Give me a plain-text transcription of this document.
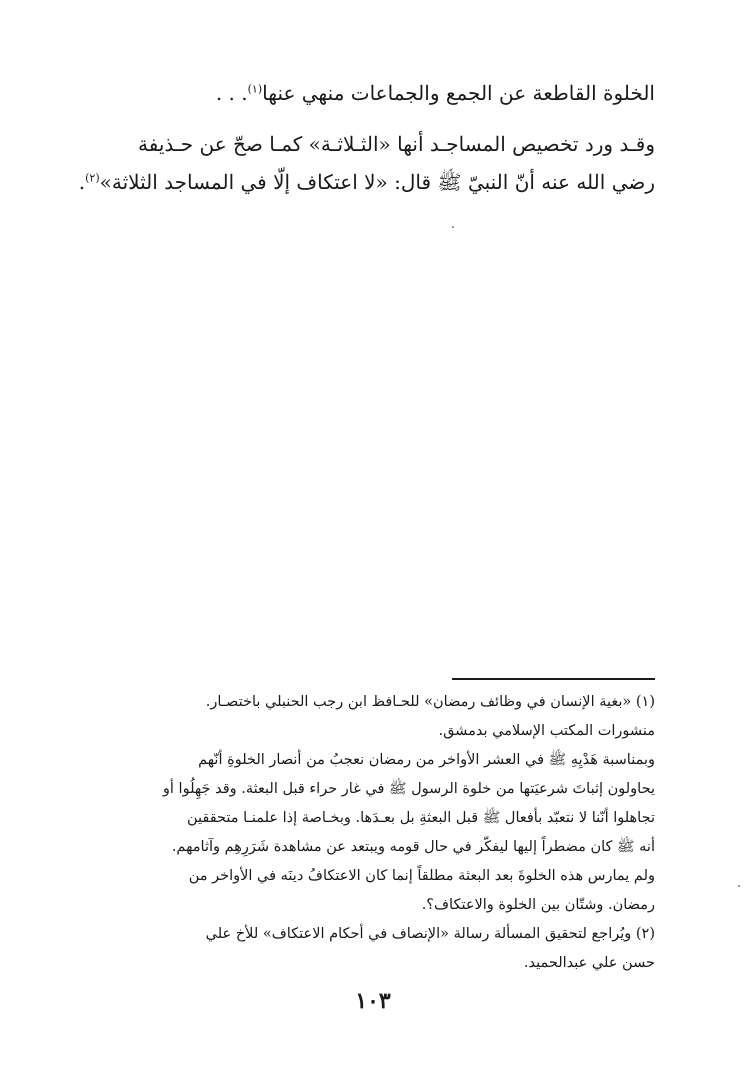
الخلوة القاطعة عن الجمع والجماعات منهي عنها$^{(١)}$. . .
وقـد ورد تخصيص المساجـد أنها «الثـلاثـة» كمـا صحّ عن حـذيفة
رضي الله عنه أنّ النبيّ ﷺ قال: «لا اعتكاف إلّا في المساجد الثلاثة»$^{(٢)}$.
(١) «بغية الإنسان في وظائف رمضان» للحـافظ ابن رجب الحنبلي باختصـار.
منشورات المكتب الإسلامي بدمشق.
وبمناسبة هَدْيِهِ ﷺ في العشر الأواخر من رمضان نعجبُ من أنصار الخلوةِ أنّهم
يحاولون إثباتَ شرعيَتها من خلوة الرسول ﷺ في غار حراء قبل البعثة. وقد جَهِلُوا أو
تجاهلوا أنّنا لا نتعبّد بأفعال ﷺ قبل البعثةِ بل بعـدَها. وبخـاصة إذا علمنـا متحققين
أنه ﷺ كان مضطراً إليها ليفكّر في حال قومه ويبتعد عن مشاهدة شَرَرِهِم وآثامهم.
ولم يمارس هذه الخلوةَ بعد البعثة مطلقاً إنما كان الاعتكافُ دينَه في الأواخر من
رمضان. وشتّان بين الخلوة والاعتكاف؟.
(٢) ويُراجع لتحقيق المسألة رسالة «الإنصاف في أحكام الاعتكاف» للأخ علي
حسن علي عبدالحميد.
١٠٣
